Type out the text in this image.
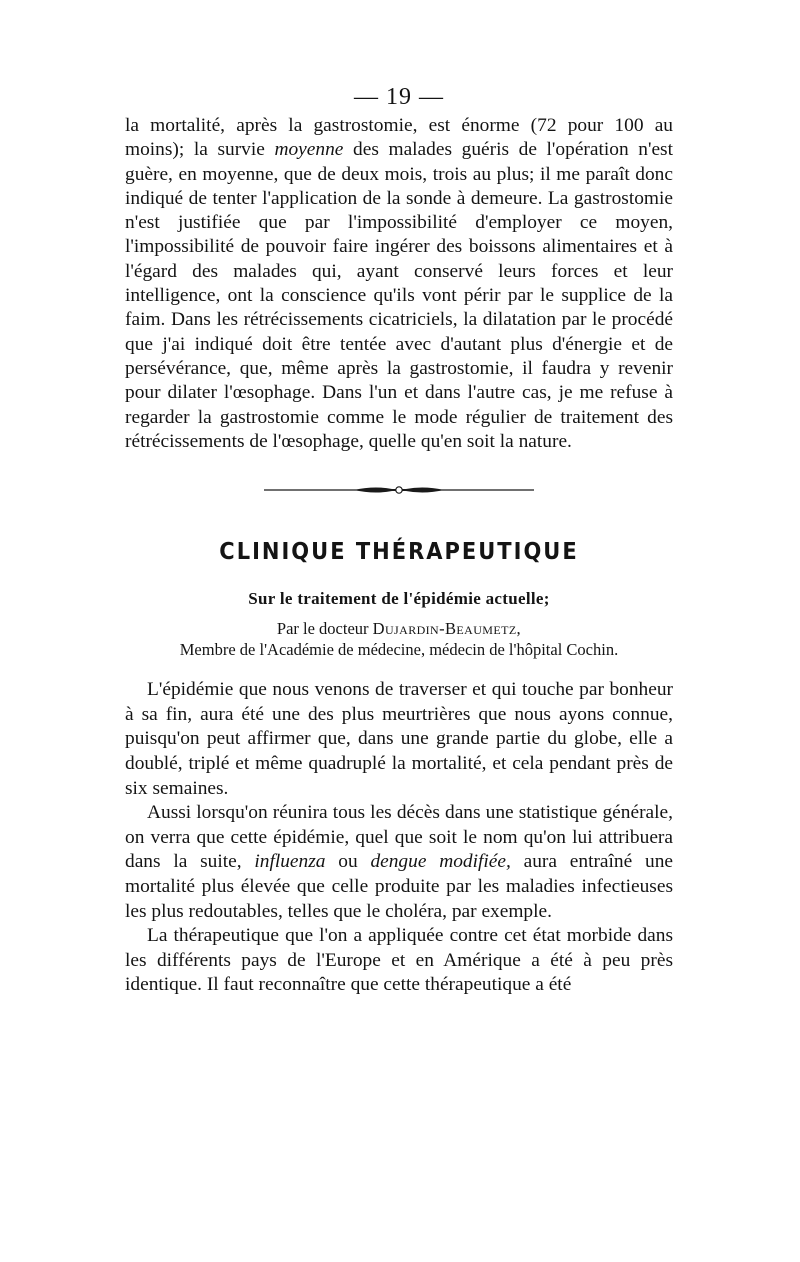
— 19 —

la mortalité, après la gastrostomie, est énorme (72 pour 100 au moins); la survie moyenne des malades guéris de l'opération n'est guère, en moyenne, que de deux mois, trois au plus; il me paraît donc indiqué de tenter l'application de la sonde à demeure. La gastrostomie n'est justifiée que par l'impossibilité d'employer ce moyen, l'impossibilité de pouvoir faire ingérer des boissons alimentaires et à l'égard des malades qui, ayant conservé leurs forces et leur intelligence, ont la conscience qu'ils vont périr par le supplice de la faim. Dans les rétrécissements cicatriciels, la dilatation par le procédé que j'ai indiqué doit être tentée avec d'autant plus d'énergie et de persévérance, que, même après la gastrostomie, il faudra y revenir pour dilater l'œsophage. Dans l'un et dans l'autre cas, je me refuse à regarder la gastrostomie comme le mode régulier de traitement des rétrécissements de l'œsophage, quelle qu'en soit la nature.

CLINIQUE THÉRAPEUTIQUE
Sur le traitement de l'épidémie actuelle;

Par le docteur Dujardin-Beaumetz,

Membre de l'Académie de médecine, médecin de l'hôpital Cochin.

L'épidémie que nous venons de traverser et qui touche par bonheur à sa fin, aura été une des plus meurtrières que nous ayons connue, puisqu'on peut affirmer que, dans une grande partie du globe, elle a doublé, triplé et même quadruplé la mortalité, et cela pendant près de six semaines.

Aussi lorsqu'on réunira tous les décès dans une statistique générale, on verra que cette épidémie, quel que soit le nom qu'on lui attribuera dans la suite, influenza ou dengue modifiée, aura entraîné une mortalité plus élevée que celle produite par les maladies infectieuses les plus redoutables, telles que le choléra, par exemple.

La thérapeutique que l'on a appliquée contre cet état morbide dans les différents pays de l'Europe et en Amérique a été à peu près identique. Il faut reconnaître que cette thérapeutique a été
